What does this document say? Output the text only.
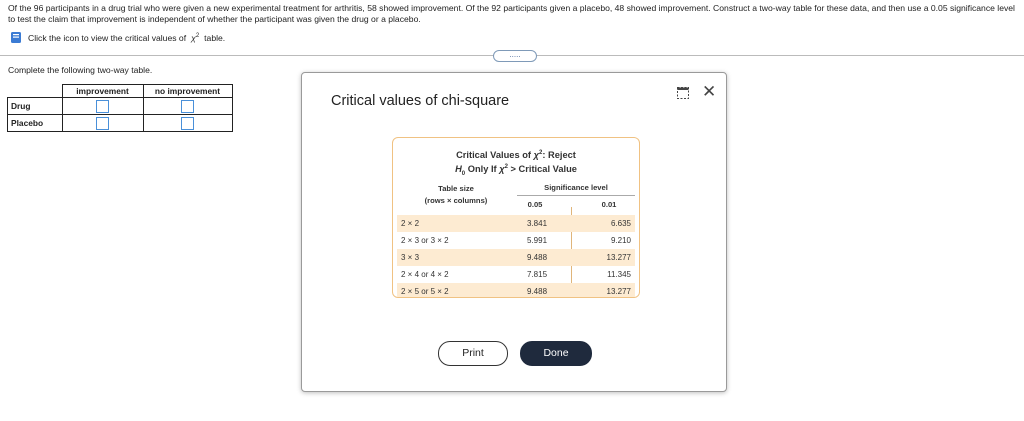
Of the 96 participants in a drug trial who were given a new experimental treatment for arthritis, 58 showed improvement. Of the 92 participants given a placebo, 48 showed improvement. Construct a two-way table for these data, and then use a 0.05 significance level to test the claim that improvement is independent of whether the participant was given the drug or a placebo.
Click the icon to view the critical values of $\chi^2$ table.
.....
Complete the following two-way table.
	improvement	no improvement
Drug		
Placebo		
Critical values of chi-square	✕
Critical Values of $\chi^2$: Reject
$H_0$ Only If $\chi^2$ > Critical Value
Table size
(rows × columns)
Significance level
0.05	0.01
2 × 2	3.841	6.635
2 × 3 or 3 × 2	5.991	9.210
3 × 3	9.488	13.277
2 × 4 or 4 × 2	7.815	11.345
2 × 5 or 5 × 2	9.488	13.277
Print	Done
